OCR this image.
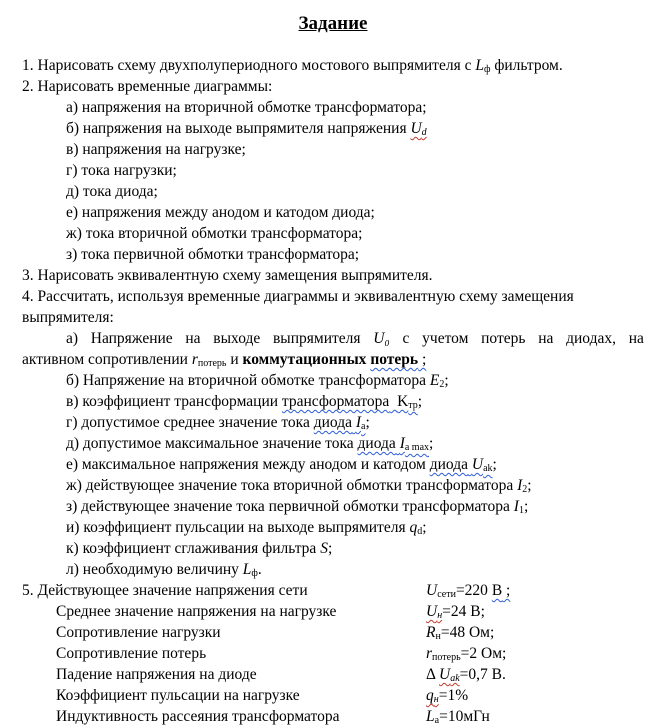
Задание
1. Нарисовать схему двухполупериодного мостового выпрямителя с $L_ф$ фильтром.
2. Нарисовать временные диаграммы:
а) напряжения на вторичной обмотке трансформатора;
б) напряжения на выходе выпрямителя напряжения $U_d$
в) напряжения на нагрузке;
г) тока нагрузки;
д) тока диода;
е) напряжения между анодом и катодом диода;
ж) тока вторичной обмотки трансформатора;
з) тока первичной обмотки трансформатора;
3. Нарисовать эквивалентную схему замещения выпрямителя.
4. Рассчитать, используя временные диаграммы и эквивалентную схему замещения
выпрямителя:
а) Напряжение на выходе выпрямителя U₀ с учетом потерь на диодах, на
активном сопротивлении $r_{потерь}$ и коммутационных потерь ;
б) Напряжение на вторичной обмотке трансформатора $E_2$;
в) коэффициент трансформации трансформатора $K_{тр}$;
г) допустимое среднее значение тока диода $I_a$;
д) допустимое максимальное значение тока диода $I_{a max}$;
е) максимальное напряжения между анодом и катодом диода $U_{ak}$;
ж) действующее значение тока вторичной обмотки трансформатора $I_2$;
з) действующее значение тока первичной обмотки трансформатора $I_1$;
и) коэффициент пульсации на выходе выпрямителя $q_d$;
к) коэффициент сглаживания фильтра S;
л) необходимую величину $L_ф$.
5. Действующее значение напряжения сети	$U_{сети}=220$ В ;
Среднее значение напряжения на нагрузке	$U_н=24$ В;
Сопротивление нагрузки	$R_н=48$ Ом;
Сопротивление потерь	$r_{потерь}=2$ Ом;
Падение напряжения на диоде	Δ $U_{ak}=0,7$ В.
Коэффициент пульсации на нагрузке	$q_н=1\%$
Индуктивность рассеяния трансформатора	$L_a=10мГн$
